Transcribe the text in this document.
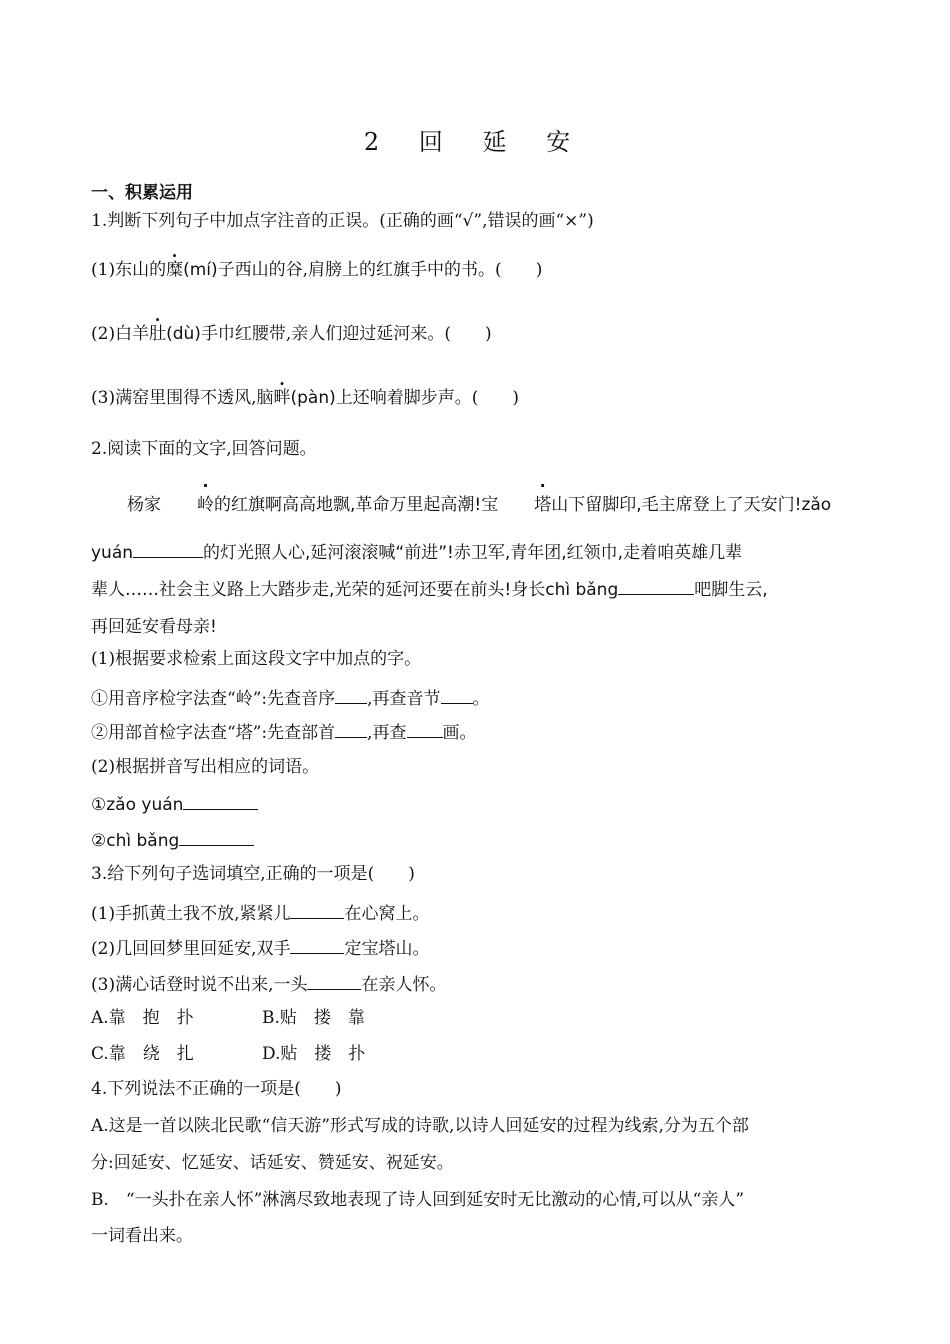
2 回 延 安
一、积累运用
1.判断下列句子中加点字注音的正误。(正确的画“√”,错误的画“×”)
(1)东山的糜(mí)子西山的谷,肩膀上的红旗手中的书。(　　)
(2)白羊肚(dù)手巾红腰带,亲人们迎过延河来。(　　)
(3)满窑里围得不透风,脑畔(pàn)上还响着脚步声。(　　)
2.阅读下面的文字,回答问题。
杨家 岭的红旗啊高高地飘,革命万里起高潮!宝 塔山下留脚印,毛主席登上了天安门!zǎo
yuán	的灯光照人心,延河滚滚喊“前进”!赤卫军,青年团,红领巾,走着咱英雄几辈
辈人……社会主义路上大踏步走,光荣的延河还要在前头!身长chì bǎng	吧脚生云,
再回延安看母亲!
(1)根据要求检索上面这段文字中加点的字。
①用音序检字法查“岭”:先查音序 ,再查音节 。
②用部首检字法查“塔”:先查部首 ,再查 画。
(2)根据拼音写出相应的词语。
①zǎo yuán
②chì bǎng
3.给下列句子选词填空,正确的一项是(　　)
(1)手抓黄土我不放,紧紧儿	在心窝上。
(2)几回回梦里回延安,双手	定宝塔山。
(3)满心话登时说不出来,一头	在亲人怀。
A.靠　抱　扑	B.贴　搂　靠
C.靠　绕　扎	D.贴　搂　扑
4.下列说法不正确的一项是(　　)
A.这是一首以陕北民歌“信天游”形式写成的诗歌,以诗人回延安的过程为线索,分为五个部
分:回延安、忆延安、话延安、赞延安、祝延安。
B.　“一头扑在亲人怀”淋漓尽致地表现了诗人回到延安时无比激动的心情,可以从“亲人”
一词看出来。
